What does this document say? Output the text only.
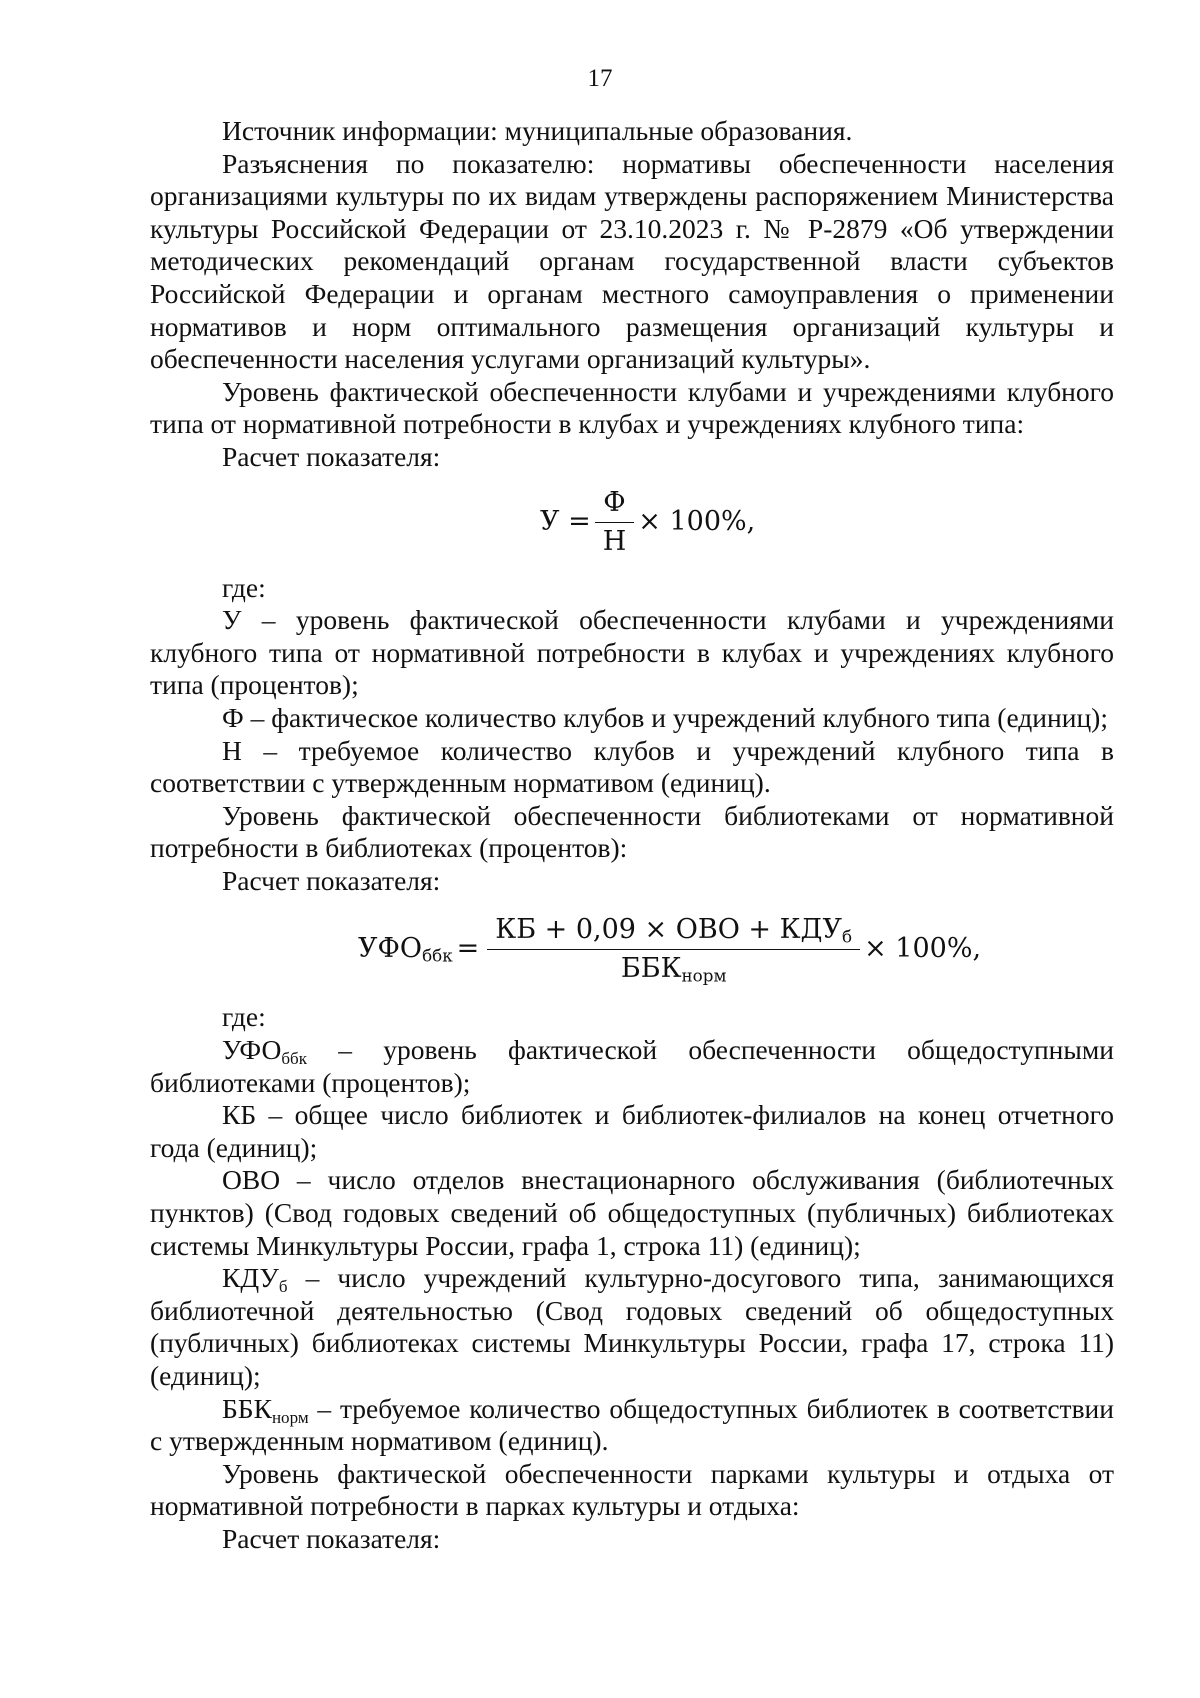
17

Источник информации: муниципальные образования.

Разъяснения по показателю: нормативы обеспеченности населения организациями культуры по их видам утверждены распоряжением Министерства культуры Российской Федерации от 23.10.2023 г. № Р-2879 «Об утверждении методических рекомендаций органам государственной власти субъектов Российской Федерации и органам местного самоуправления о применении нормативов и норм оптимального размещения организаций культуры и обеспеченности населения услугами организаций культуры».

Уровень фактической обеспеченности клубами и учреждениями клубного типа от нормативной потребности в клубах и учреждениях клубного типа:

Расчет показателя:

$У = \frac{Ф}{Н} \times 100\%$,

где:

У – уровень фактической обеспеченности клубами и учреждениями клубного типа от нормативной потребности в клубах и учреждениях клубного типа (процентов);

Ф – фактическое количество клубов и учреждений клубного типа (единиц);

Н – требуемое количество клубов и учреждений клубного типа в соответствии с утвержденным нормативом (единиц).

Уровень фактической обеспеченности библиотеками от нормативной потребности в библиотеках (процентов):

Расчет показателя:

$УФО_{ббк} = \frac{КБ + 0,09 \times ОВО + КДУ_б}{ББК_{норм}} \times 100\%$,

где:

$УФО_{ббк}$ – уровень фактической обеспеченности общедоступными библиотеками (процентов);

КБ – общее число библиотек и библиотек-филиалов на конец отчетного года (единиц);

ОВО – число отделов внестационарного обслуживания (библиотечных пунктов) (Свод годовых сведений об общедоступных (публичных) библиотеках системы Минкультуры России, графа 1, строка 11) (единиц);

$КДУ_б$ – число учреждений культурно-досугового типа, занимающихся библиотечной деятельностью (Свод годовых сведений об общедоступных (публичных) библиотеках системы Минкультуры России, графа 17, строка 11) (единиц);

$ББК_{норм}$ – требуемое количество общедоступных библиотек в соответствии с утвержденным нормативом (единиц).

Уровень фактической обеспеченности парками культуры и отдыха от нормативной потребности в парках культуры и отдыха:

Расчет показателя:
